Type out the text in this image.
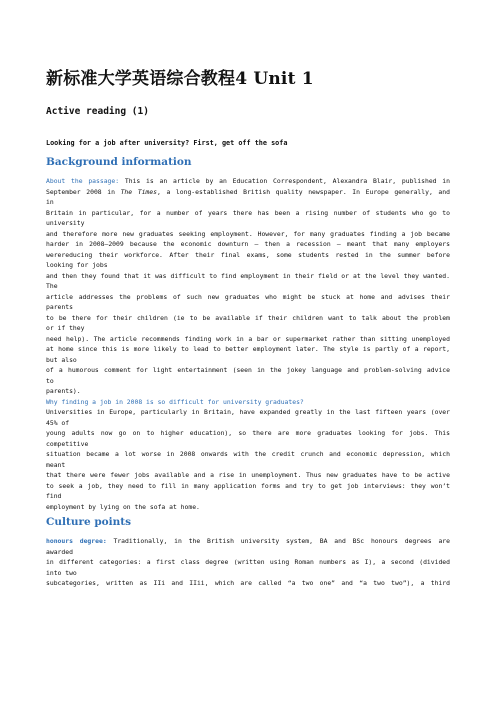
新标准大学英语综合教程4 Unit 1
Active reading (1)
Looking for a job after university? First, get off the sofa
Background information
About the passage: This is an article by an Education Correspondent, Alexandra Blair, published in
September 2008 in The Times, a long-established British quality newspaper. In Europe generally, and
in
Britain in particular, for a number of years there has been a rising number of students who go to
university
and therefore more new graduates seeking employment. However, for many graduates finding a job became
harder in 2008–2009 because the economic downturn – then a recession – meant that many employers
werereducing their workforce. After their final exams, some students rested in the summer before
looking for jobs
and then they found that it was difficult to find employment in their field or at the level they wanted.
The
article addresses the problems of such new graduates who might be stuck at home and advises their
parents
to be there for their children (ie to be available if their children want to talk about the problem
or if they
need help). The article recommends finding work in a bar or supermarket rather than sitting unemployed
at home since this is more likely to lead to better employment later. The style is partly of a report,
but also
of a humorous comment for light entertainment (seen in the jokey language and problem-solving advice
to
parents).
Why finding a job in 2008 is so difficult for university graduates?
Universities in Europe, particularly in Britain, have expanded greatly in the last fifteen years (over
45% of
young adults now go on to higher education), so there are more graduates looking for jobs. This
competitive
situation became a lot worse in 2008 onwards with the credit crunch and economic depression, which
meant
that there were fewer jobs available and a rise in unemployment. Thus new graduates have to be active
to seek a job, they need to fill in many application forms and try to get job interviews: they won’t
find
employment by lying on the sofa at home.
Culture points
honours degree: Traditionally, in the British university system, BA and BSc honours degrees are
awarded
in different categories: a first class degree (written using Roman numbers as I), a second (divided
into two
subcategories, written as IIi and IIii, which are called “a two one” and “a two two”), a third
